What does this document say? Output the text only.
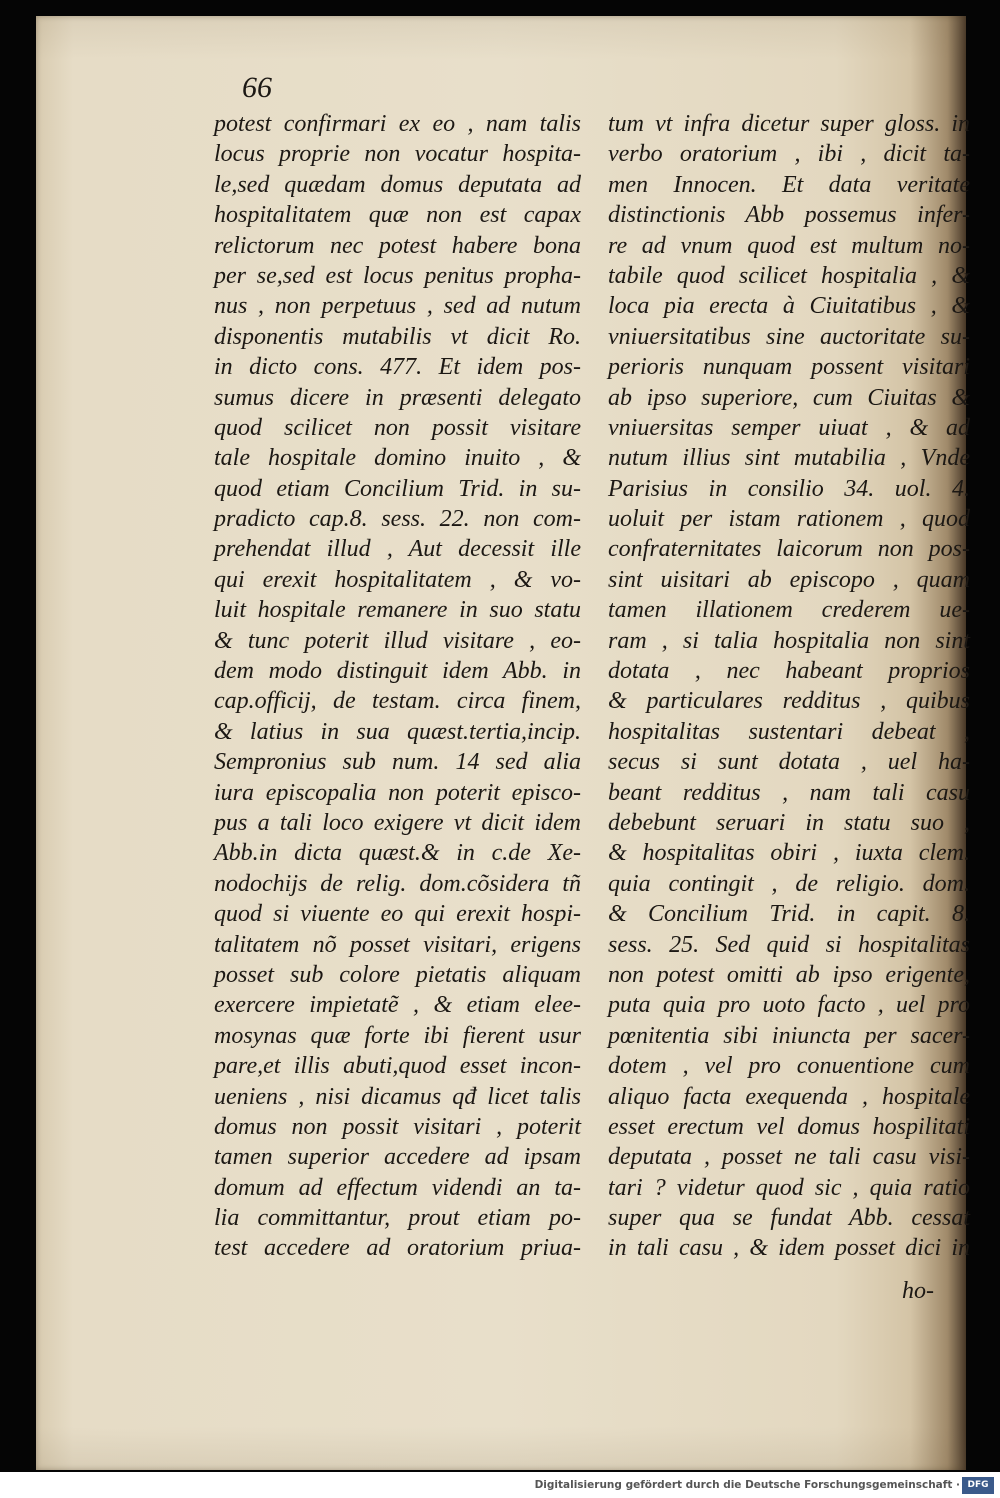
66
potest confirmari ex eo , nam talis
locus proprie non vocatur hospita-
le,sed quædam domus deputata ad
hospitalitatem quæ non est capax
relictorum nec potest habere bona
per se,sed est locus penitus propha-
nus , non perpetuus , sed ad nutum
disponentis mutabilis vt dicit Ro.
in dicto cons. 477. Et idem pos-
sumus dicere in præsenti delegato
quod scilicet non possit visitare
tale hospitale domino inuito , &
quod etiam Concilium Trid. in su-
pradicto cap.8. sess. 22. non com-
prehendat illud , Aut decessit ille
qui erexit hospitalitatem , & vo-
luit hospitale remanere in suo statu
& tunc poterit illud visitare , eo-
dem modo distinguit idem Abb. in
cap.officij, de testam. circa finem,
& latius in sua quæst.tertia,incip.
Sempronius sub num. 14 sed alia
iura episcopalia non poterit episco-
pus a tali loco exigere vt dicit idem
Abb.in dicta quæst.& in c.de Xe-
nodochijs de relig. dom.cõsidera tñ
quod si viuente eo qui erexit hospi-
talitatem nõ posset visitari, erigens
posset sub colore pietatis aliquam
exercere impietatẽ , & etiam elee-
mosynas quæ forte ibi fierent usur
pare,et illis abuti,quod esset incon-
ueniens , nisi dicamus qđ licet talis
domus non possit visitari , poterit
tamen superior accedere ad ipsam
domum ad effectum videndi an ta-
lia committantur, prout etiam po-
test accedere ad oratorium priua-
tum vt infra dicetur super gloss. in
verbo oratorium , ibi , dicit ta-
men Innocen. Et data veritate
distinctionis Abb possemus infer-
re ad vnum quod est multum no-
tabile quod scilicet hospitalia , &
loca pia erecta à Ciuitatibus , &
vniuersitatibus sine auctoritate su-
perioris nunquam possent visitari
ab ipso superiore, cum Ciuitas &
vniuersitas semper uiuat , & ad
nutum illius sint mutabilia , Vnde
Parisius in consilio 34. uol. 4.
uoluit per istam rationem , quod
confraternitates laicorum non pos-
sint uisitari ab episcopo , quam
tamen illationem crederem ue-
ram , si talia hospitalia non sint
dotata , nec habeant proprios
& particulares redditus , quibus
hospitalitas sustentari debeat ,
secus si sunt dotata , uel ha-
beant redditus , nam tali casu
debebunt seruari in statu suo ,
& hospitalitas obiri , iuxta clem.
quia contingit , de religio. dom.
& Concilium Trid. in capit. 8.
sess. 25. Sed quid si hospitalitas
non potest omitti ab ipso erigente,
puta quia pro uoto facto , uel pro
pœnitentia sibi iniuncta per sacer-
dotem , vel pro conuentione cum
aliquo facta exequenda , hospitale
esset erectum vel domus hospilitati
deputata , posset ne tali casu visi-
tari ? videtur quod sic , quia ratio
super qua se fundat Abb. cessat
in tali casu , & idem posset dici in
ho-
Digitalisierung gefördert durch die Deutsche Forschungsgemeinschaft · DFG
